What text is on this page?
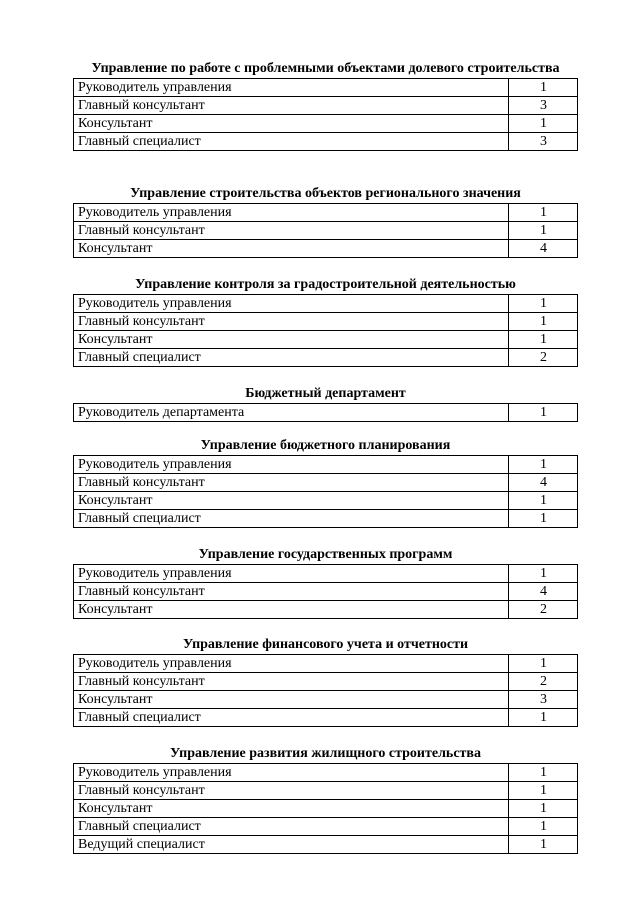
Управление по работе с проблемными объектами долевого строительства
Руководитель управления	1
Главный консультант	3
Консультант	1
Главный специалист	3
Управление строительства объектов регионального значения
Руководитель управления	1
Главный консультант	1
Консультант	4
Управление контроля за градостроительной деятельностью
Руководитель управления	1
Главный консультант	1
Консультант	1
Главный специалист	2
Бюджетный департамент
Руководитель департамента	1
Управление бюджетного планирования
Руководитель управления	1
Главный консультант	4
Консультант	1
Главный специалист	1
Управление государственных программ
Руководитель управления	1
Главный консультант	4
Консультант	2
Управление финансового учета и отчетности
Руководитель управления	1
Главный консультант	2
Консультант	3
Главный специалист	1
Управление развития жилищного строительства
Руководитель управления	1
Главный консультант	1
Консультант	1
Главный специалист	1
Ведущий специалист	1
